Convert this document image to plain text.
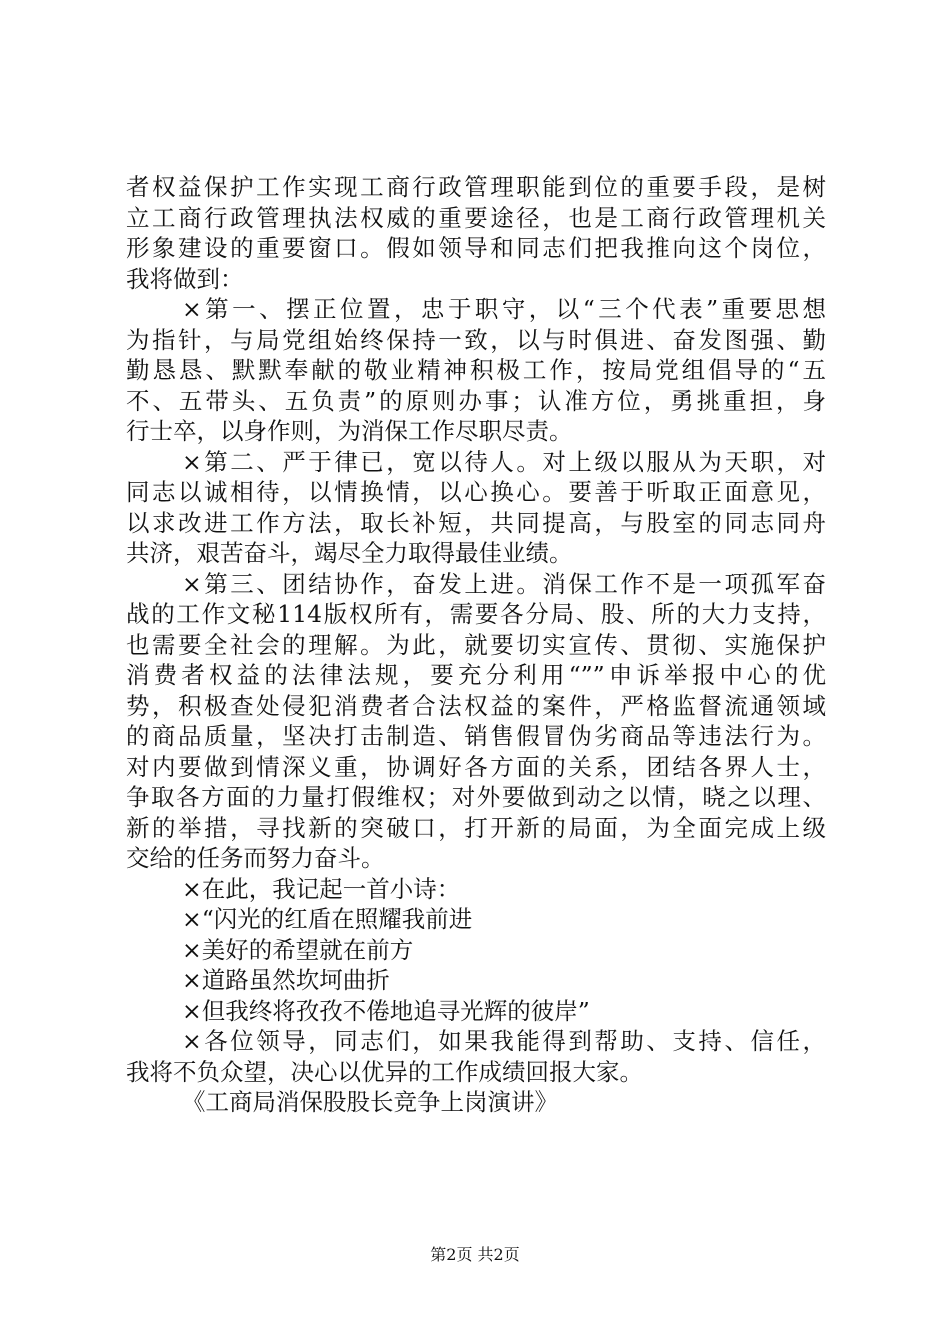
者权益保护工作实现工商行政管理职能到位的重要手段，是树
立工商行政管理执法权威的重要途径，也是工商行政管理机关
形象建设的重要窗口。假如领导和同志们把我推向这个岗位，
我将做到：
×第一、摆正位置，忠于职守，以“三个代表”重要思想
为指针，与局党组始终保持一致，以与时俱进、奋发图强、勤
勤恳恳、默默奉献的敬业精神积极工作，按局党组倡导的“五
不、五带头、五负责”的原则办事；认准方位，勇挑重担，身
行士卒，以身作则，为消保工作尽职尽责。
×第二、严于律已，宽以待人。对上级以服从为天职，对
同志以诚相待，以情换情，以心换心。要善于听取正面意见，
以求改进工作方法，取长补短，共同提高，与股室的同志同舟
共济，艰苦奋斗，竭尽全力取得最佳业绩。
×第三、团结协作，奋发上进。消保工作不是一项孤军奋
战的工作文秘114版权所有，需要各分局、股、所的大力支持，
也需要全社会的理解。为此，就要切实宣传、贯彻、实施保护
消费者权益的法律法规，要充分利用“””申诉举报中心的优
势，积极查处侵犯消费者合法权益的案件，严格监督流通领域
的商品质量，坚决打击制造、销售假冒伪劣商品等违法行为。
对内要做到情深义重，协调好各方面的关系，团结各界人士，
争取各方面的力量打假维权；对外要做到动之以情，晓之以理、
新的举措，寻找新的突破口，打开新的局面，为全面完成上级
交给的任务而努力奋斗。
×在此，我记起一首小诗：
×“闪光的红盾在照耀我前进
×美好的希望就在前方
×道路虽然坎坷曲折
×但我终将孜孜不倦地追寻光辉的彼岸”
×各位领导，同志们，如果我能得到帮助、支持、信任，
我将不负众望，决心以优异的工作成绩回报大家。
《工商局消保股股长竞争上岗演讲》
第2页 共2页
